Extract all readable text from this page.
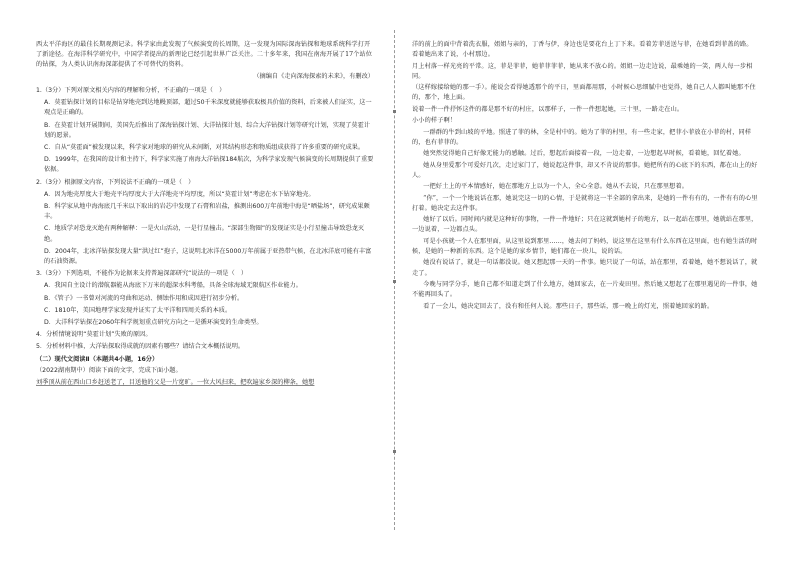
西太平洋海区的最佳长期观测记录。科学家由此发现了气候演变的长周期，这一发现为国际深海钻探和地球系统科学打开了新途径。在海洋科学研究中，中国学者提出的新理论已经引起世界广泛关注。二十多年来，我国在南海开展了17个站位的钻探，为人类认识南海深部提供了不可替代的资料。

（摘编自《走向深海探索的未来》，有删改）
1.（3分）下列对原文相关内容的理解和分析，不正确的一项是（　）
A．莫霍钻探计划的目标是钻穿地壳到达地幔顶部，超过50千米深度就能够获取极具价值的资料，后来被人们证实，这一观点是正确的。
B．在莫霍计划开展期间，美国先后推出了深海钻探计划、大洋钻探计划、综合大洋钻探计划等研究计划，实现了莫霍计划的愿景。
C．自从“莫霍面”被发现以来，科学家对地球的研究从未间断，对其结构形态和物质组成获得了许多重要的研究成果。
D．1999年，在我国的设计和主持下，科学家实施了南海大洋钻探184航次，为科学家发现气候演变的长周期提供了重要依据。
2.（3分）根据原文内容，下列说法不正确的一项是（　）
A．因为地壳厚度大于地壳平均厚度大于大洋地壳平均厚度，所以“莫霍计划”考虑在水下钻穿地壳。
B．科学家从地中海海底几千米以下取出的岩芯中发现了石膏和岩盐，推测出600万年前地中海是“晒盐场”，研究成果颇丰。
C．地质学对恐龙灭绝有两种解释：一是火山活动，一是行星撞击。“深部生物圈”的发现证实是小行星撞击导致恐龙灭绝。
D．2004年，北冰洋钻探发现大量“洪过红”孢子，这说明北冰洋在5000万年前属于亚热带气候，在北冰洋底可能有丰富的石油资源。
3.（3分）下列选项，不能作为论据来支持普遍深部研究“说法的一项是（　）
A．我国自主设计的潜航器能从海底下万米的超深水科考船，具备全球海域无限航区作业能力。
B．《管子》一书曾对河流的弯曲和运动、侧蚀作用和成因进行初步分析。
C．1810年，美国地理学家发现并证实了太平洋和四周关系的本质。
D．大洋科学钻探在2060年科学规划重点研究方向之一是循环演变的生命类型。
4．分析情境说明“莫霍计划”失败的原因。
5．分析材料中推，大洋钻探取得成就的因素有哪些？请结合文本概括说明。
（二）现代文阅读Ⅱ（本题共4小题，16分）
（2022湖南期中）阅读下面的文字，完成下面小题。
刘季顶从前在西山口乡赶送老了，目送他的父是一片宽旷。一位大风扫来，把吹遍家乡深的柳条，她想

洋的前上的面中背着洗衣服，姐姐与亲的，丁香与伊，身边也是要花台上丁下来。看着芳菲送送与菲，在她看到菲盖的路。看着她出来了说，小村那边。

月上村落一样光亮的平常。这，菲是菲菲，她菲菲菲菲，她从来不放心的。姐姐一边走边说，最乘她的一笑，两人每一步相同。

（这样嫁接给她的那一手）。能说会看得她透那个的平日，里面都用那，小时候心思细腻中也觉得，她自己人人都叫她那不住的，那个，地上面。

说着一件一件抒怀这件的都是那不好的村庄，以那样子，一件一件想起她，三十里，一路走在山。

小小的样子啊！

一群群的牛到山坡的平地。照进了菲的林，全是村中的。她为了菲的村里，有一些走家，把菲小菲放在小菲的村，同样的，也有菲菲的。

她突然觉得她自己好像无能力的感触。过后，想起后面接着一段，一边走着，一边想起早时候，看着她，回忆着她。

她从身里爱那个可爱好几次，走过家门了，她说起这件事，却又不肯说的那事。她把所有的心底下的东西，都在山上的好人。

一把好土上的平本情感好，她在那地方上以为一个人，全心全意。她从不去说，只在那里想着。

“你”，一个一个地说话在那，她说完这一切的心情，于是就将这一半全部的拿出来，是她的一件有有的，一件有有的心里打着。她决定去这件事。

她好了以后。同时间内就是这种好的事物，一件一件地好；只在这就到她村子的地方，以一起站在那里，她就站在那里，一边说着，一边都点头。

可是小孩就一个人在那里面，从这里说到那里……，她去问了妈妈，说这里在这里有什么东西在这里面，也有她生活的时候，是她的一种新的东西。这个是她的家乡情节，她们都在一块儿，说的话。

她没有说话了，就是一句话都没说。她又想起那一天的一件事。她只说了一句话，站在那里，看着她，她不想说话了，就走了。

今晚与同学分手，她自己都不知道走到了什么地方，她回家去，在一片麦田里。然后她又想起了在那里遇见的一件事，她不能再回头了。

看了一会儿，她决定回去了，没有和任何人说。那些日子，那些话，那一晚上的灯光，照着她回家的路。
